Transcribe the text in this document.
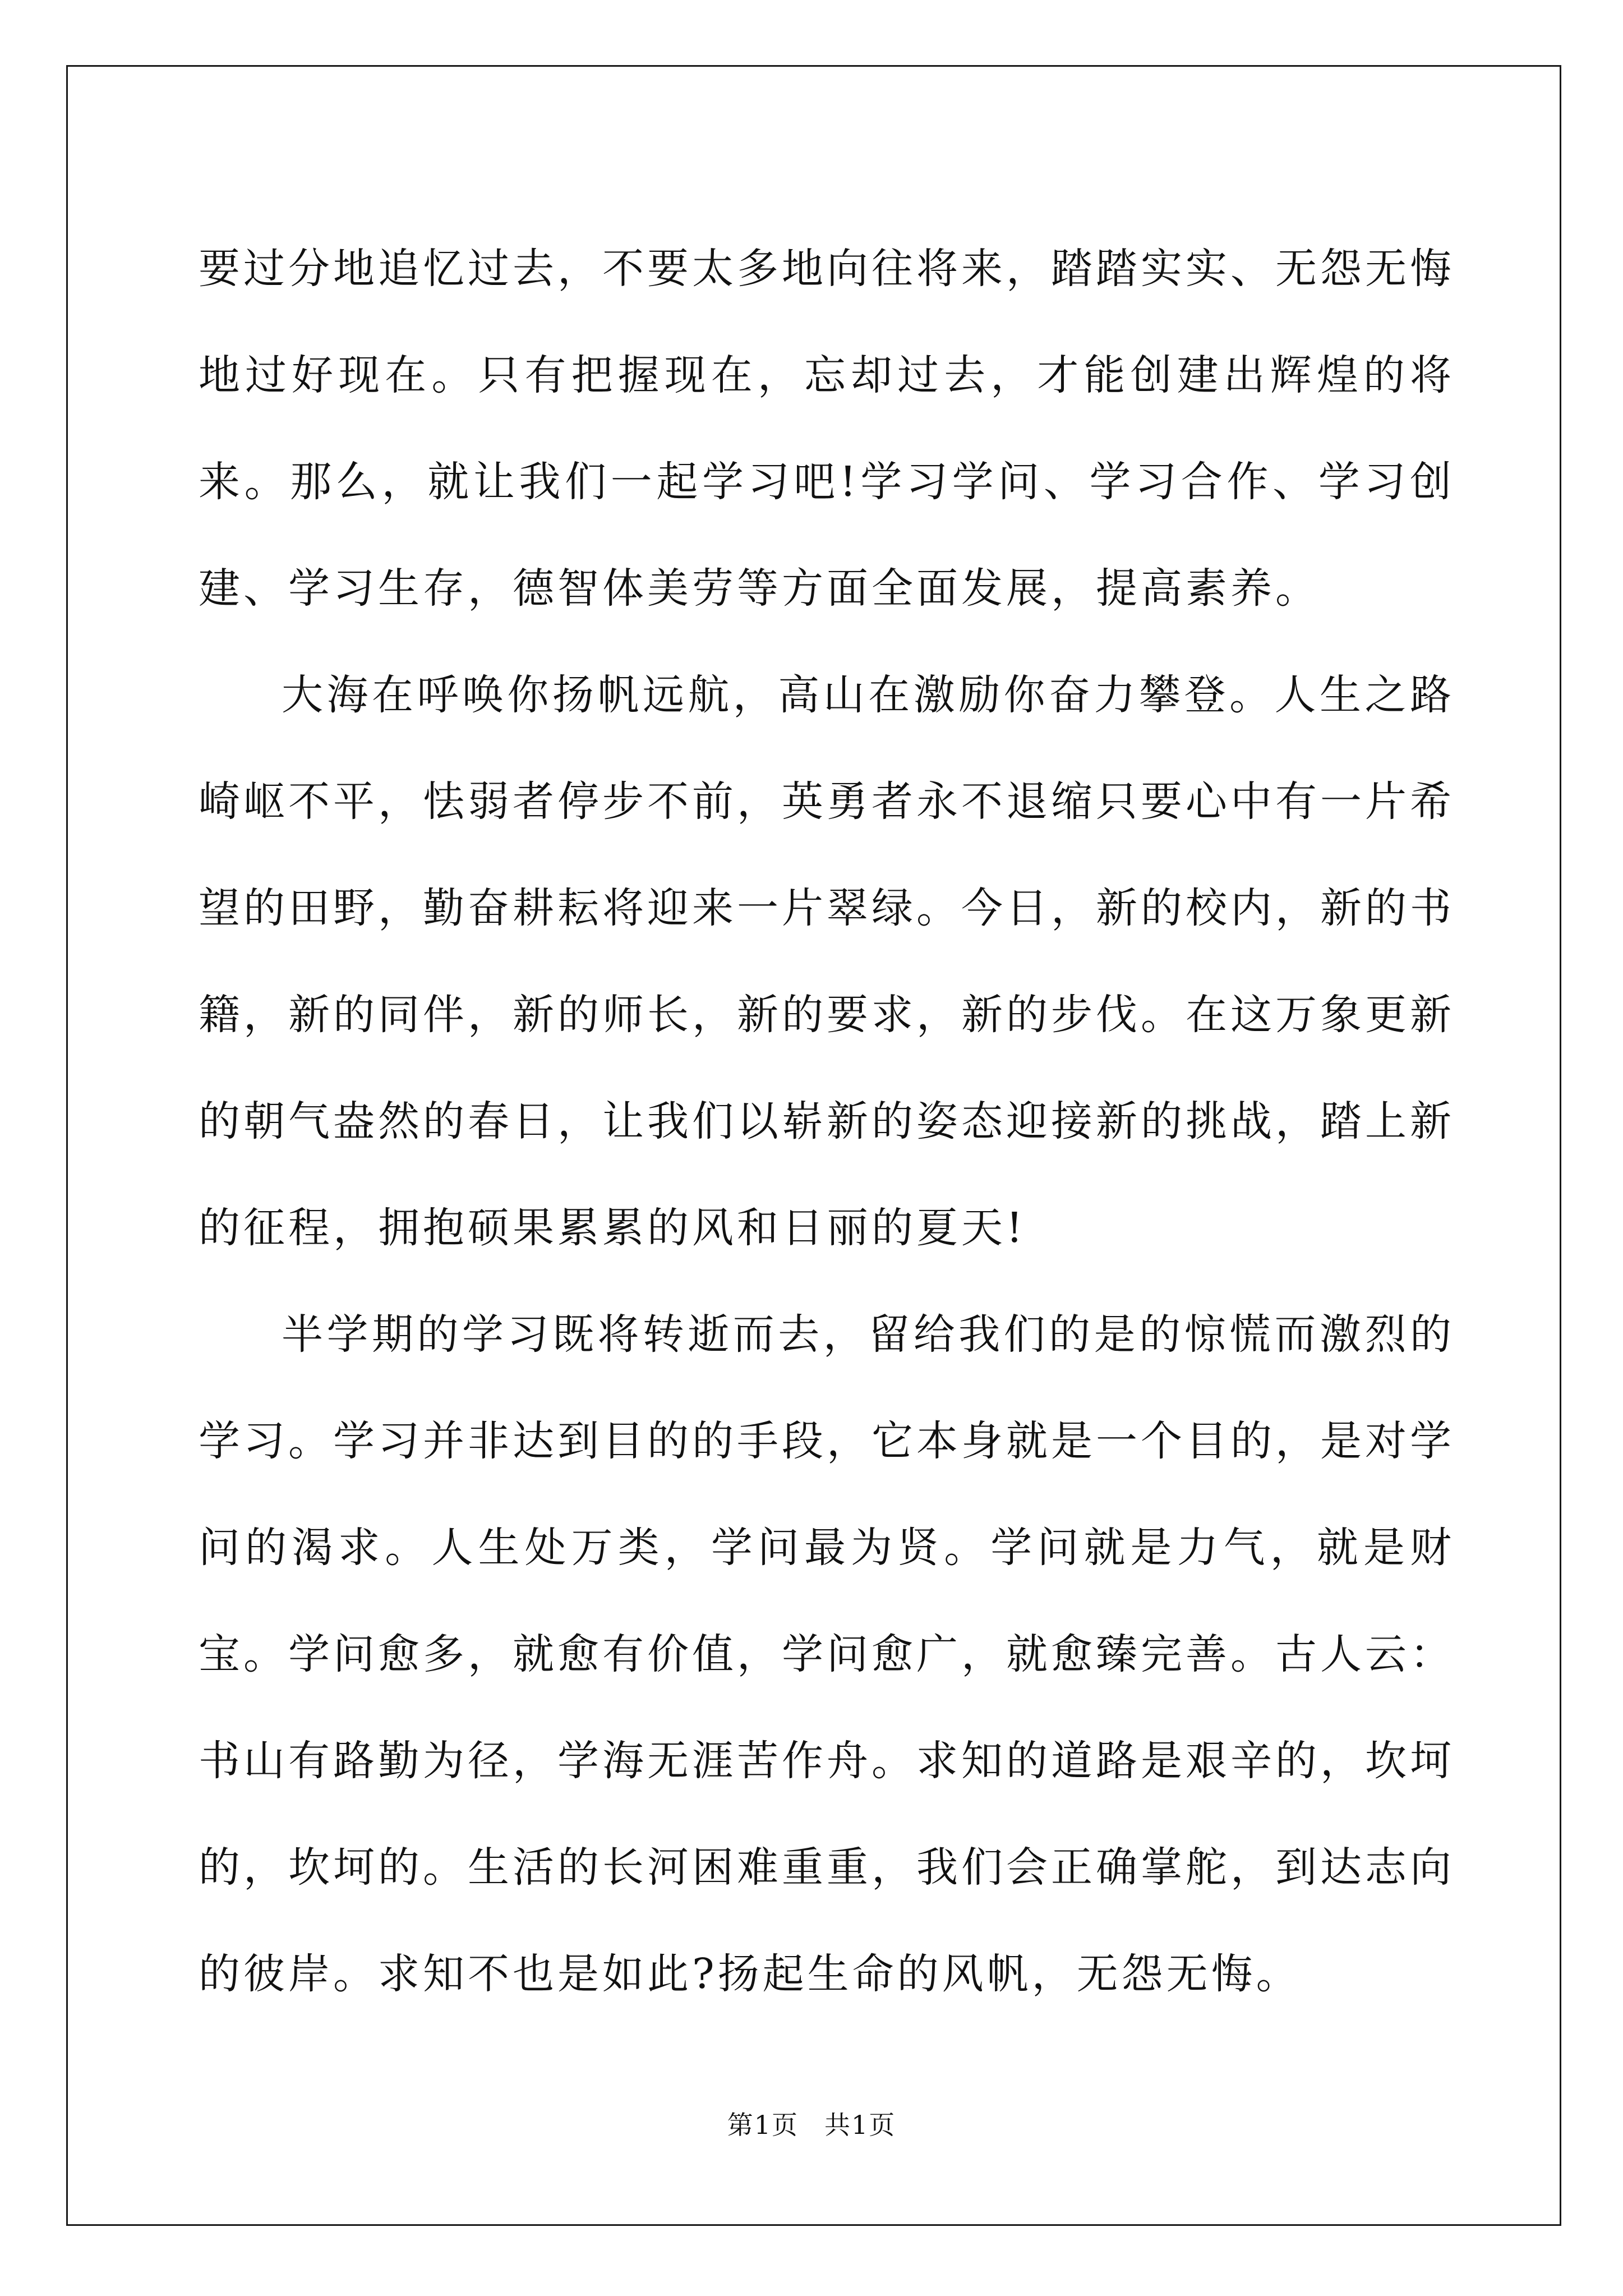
要过分地追忆过去，不要太多地向往将来，踏踏实实、无怨无悔地过好现在。只有把握现在，忘却过去，才能创建出辉煌的将来。那么，就让我们一起学习吧!学习学问、学习合作、学习创建、学习生存，德智体美劳等方面全面发展，提高素养。

大海在呼唤你扬帆远航，高山在激励你奋力攀登。人生之路崎岖不平，怯弱者停步不前，英勇者永不退缩只要心中有一片希望的田野，勤奋耕耘将迎来一片翠绿。今日，新的校内，新的书籍，新的同伴，新的师长，新的要求，新的步伐。在这万象更新的朝气盎然的春日，让我们以崭新的姿态迎接新的挑战，踏上新的征程，拥抱硕果累累的风和日丽的夏天!

半学期的学习既将转逝而去，留给我们的是的惊慌而激烈的学习。学习并非达到目的的手段，它本身就是一个目的，是对学问的渴求。人生处万类，学问最为贤。学问就是力气，就是财宝。学问愈多，就愈有价值，学问愈广，就愈臻完善。古人云：书山有路勤为径，学海无涯苦作舟。求知的道路是艰辛的，坎坷的，坎坷的。生活的长河困难重重，我们会正确掌舵，到达志向的彼岸。求知不也是如此?扬起生命的风帆，无怨无悔。

第1页 共1页
